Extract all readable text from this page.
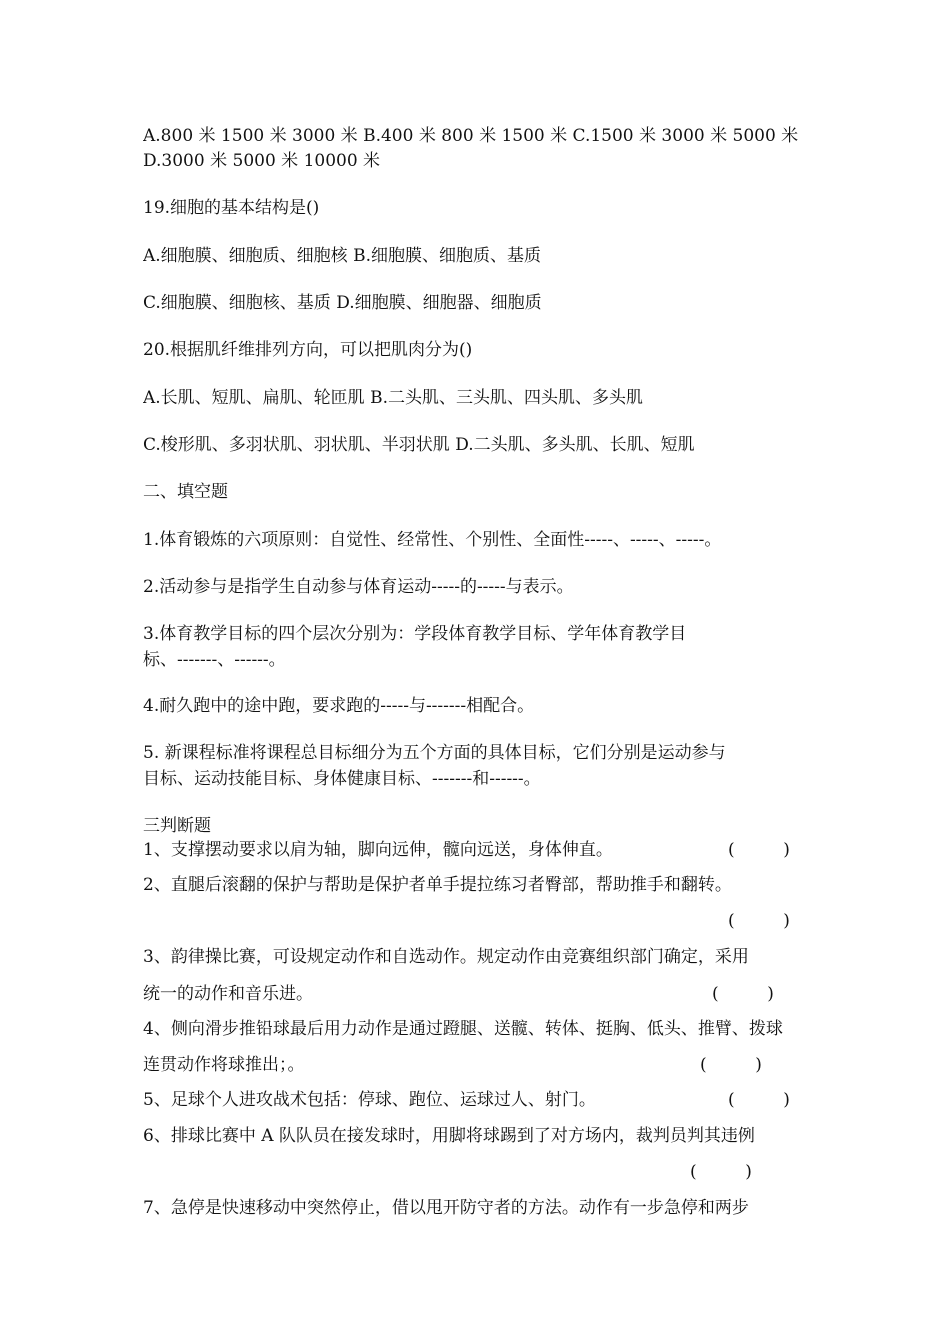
A.800 米 1500 米 3000 米 B.400 米 800 米 1500 米 C.1500 米 3000 米 5000 米
D.3000 米 5000 米 10000 米
19.细胞的基本结构是()
A.细胞膜、细胞质、细胞核 B.细胞膜、细胞质、基质
C.细胞膜、细胞核、基质 D.细胞膜、细胞器、细胞质
20.根据肌纤维排列方向，可以把肌肉分为()
A.长肌、短肌、扁肌、轮匝肌 B.二头肌、三头肌、四头肌、多头肌
C.梭形肌、多羽状肌、羽状肌、半羽状肌 D.二头肌、多头肌、长肌、短肌
二、填空题
1.体育锻炼的六项原则：自觉性、经常性、个别性、全面性-----、-----、-----。
2.活动参与是指学生自动参与体育运动-----的-----与表示。
3.体育教学目标的四个层次分别为：学段体育教学目标、学年体育教学目
标、-------、------。
4.耐久跑中的途中跑，要求跑的-----与-------相配合。
5. 新课程标准将课程总目标细分为五个方面的具体目标，它们分别是运动参与
目标、运动技能目标、身体健康目标、-------和------。
三判断题
1、支撑摆动要求以肩为轴，脚向远伸，髋向远送，身体伸直。	(         )
2、直腿后滚翻的保护与帮助是保护者单手提拉练习者臀部，帮助推手和翻转。
(         )
3、韵律操比赛，可设规定动作和自选动作。规定动作由竞赛组织部门确定，采用
统一的动作和音乐进。	(         )
4、侧向滑步推铅球最后用力动作是通过蹬腿、送髋、转体、挺胸、低头、推臂、拨球
连贯动作将球推出；。	(         )
5、足球个人进攻战术包括：停球、跑位、运球过人、射门。	(         )
6、排球比赛中 A 队队员在接发球时，用脚将球踢到了对方场内，裁判员判其违例
(         )
7、急停是快速移动中突然停止，借以甩开防守者的方法。动作有一步急停和两步
